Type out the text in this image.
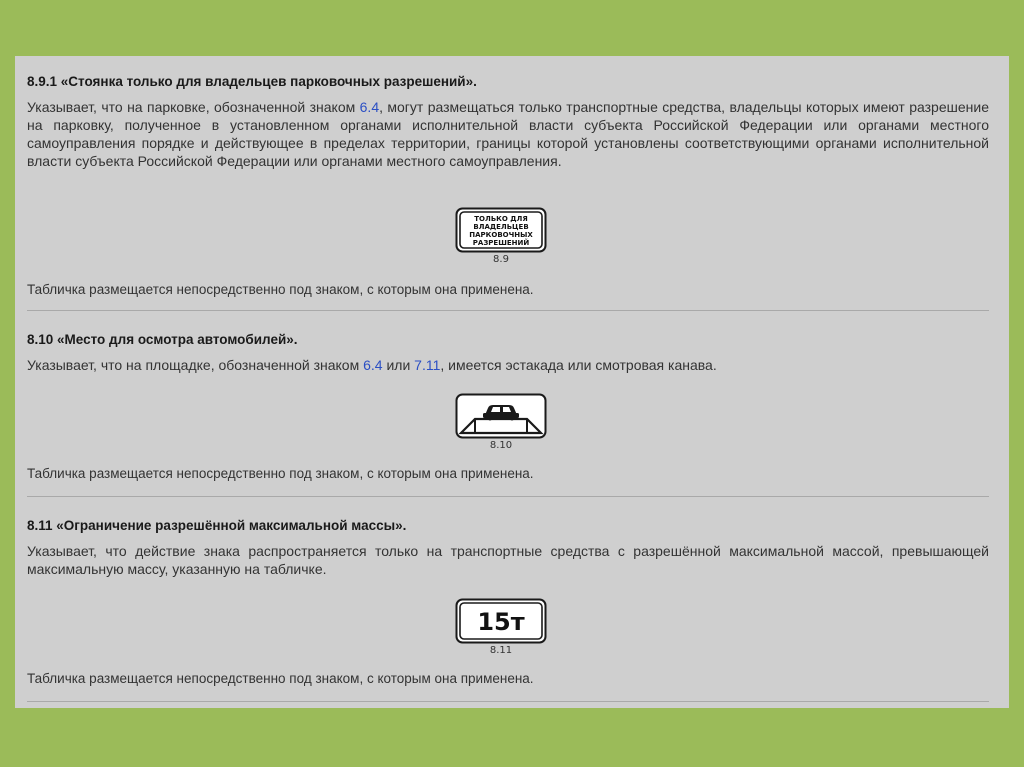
8.9.1 «Стоянка только для владельцев парковочных разрешений».
Указывает, что на парковке, обозначенной знаком 6.4, могут размещаться только транспортные средства, владельцы которых имеют разрешение на парковку, полученное в установленном органами исполнительной власти субъекта Российской Федерации или органами местного самоуправления порядке и действующее в пределах территории, границы которой установлены соответствующими органами исполнительной власти субъекта Российской Федерации или органами местного самоуправления.
ТОЛЬКО ДЛЯ
ВЛАДЕЛЬЦЕВ
ПАРКОВОЧНЫХ
РАЗРЕШЕНИЙ
8.9
Табличка размещается непосредственно под знаком, с которым она применена.
8.10 «Место для осмотра автомобилей».
Указывает, что на площадке, обозначенной знаком 6.4 или 7.11, имеется эстакада или смотровая канава.
8.10
Табличка размещается непосредственно под знаком, с которым она применена.
8.11 «Ограничение разрешённой максимальной массы».
Указывает, что действие знака распространяется только на транспортные средства с разрешённой максимальной массой, превышающей максимальную массу, указанную на табличке.
15т
8.11
Табличка размещается непосредственно под знаком, с которым она применена.
